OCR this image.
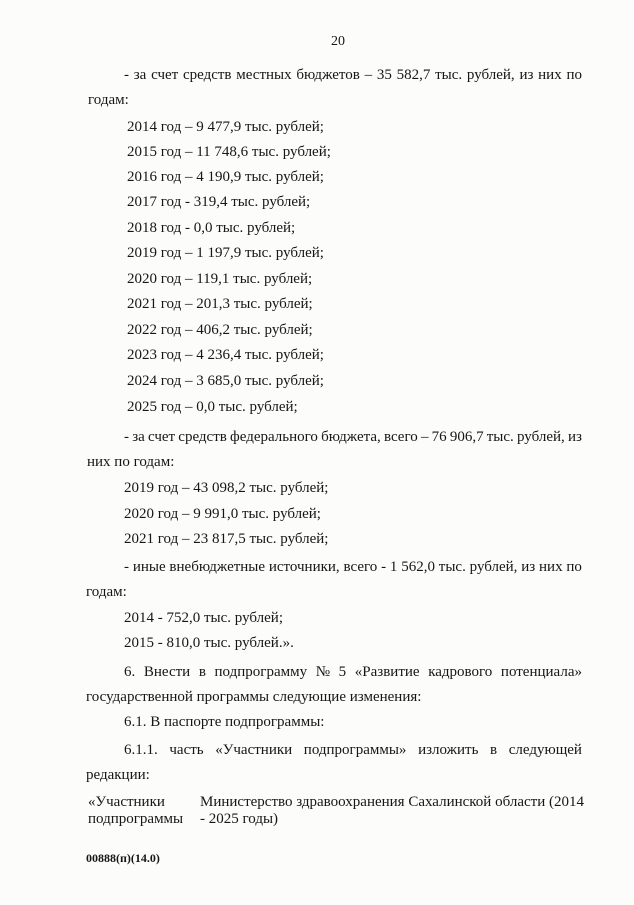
20
- за счет средств местных бюджетов – 35 582,7 тыс. рублей, из них по
годам:
2014 год – 9 477,9 тыс. рублей;
2015 год – 11 748,6 тыс. рублей;
2016 год – 4 190,9 тыс. рублей;
2017 год - 319,4 тыс. рублей;
2018 год - 0,0 тыс. рублей;
2019 год – 1 197,9 тыс. рублей;
2020 год – 119,1 тыс. рублей;
2021 год – 201,3 тыс. рублей;
2022 год – 406,2 тыс. рублей;
2023 год – 4 236,4 тыс. рублей;
2024 год – 3 685,0 тыс. рублей;
2025 год – 0,0 тыс. рублей;
- за счет средств федерального бюджета, всего – 76 906,7 тыс. рублей, из
них по годам:
2019 год – 43 098,2 тыс. рублей;
2020 год – 9 991,0 тыс. рублей;
2021 год – 23 817,5 тыс. рублей;
- иные внебюджетные источники, всего - 1 562,0 тыс. рублей, из них по
годам:
2014 - 752,0 тыс. рублей;
2015 - 810,0 тыс. рублей.».
6. Внести в подпрограмму № 5 «Развитие кадрового потенциала»
государственной программы следующие изменения:
6.1. В паспорте подпрограммы:
6.1.1. часть «Участники подпрограммы» изложить в следующей
редакции:
«Участники
подпрограммы
Министерство здравоохранения Сахалинской области (2014
- 2025 годы)
00888(п)(14.0)
